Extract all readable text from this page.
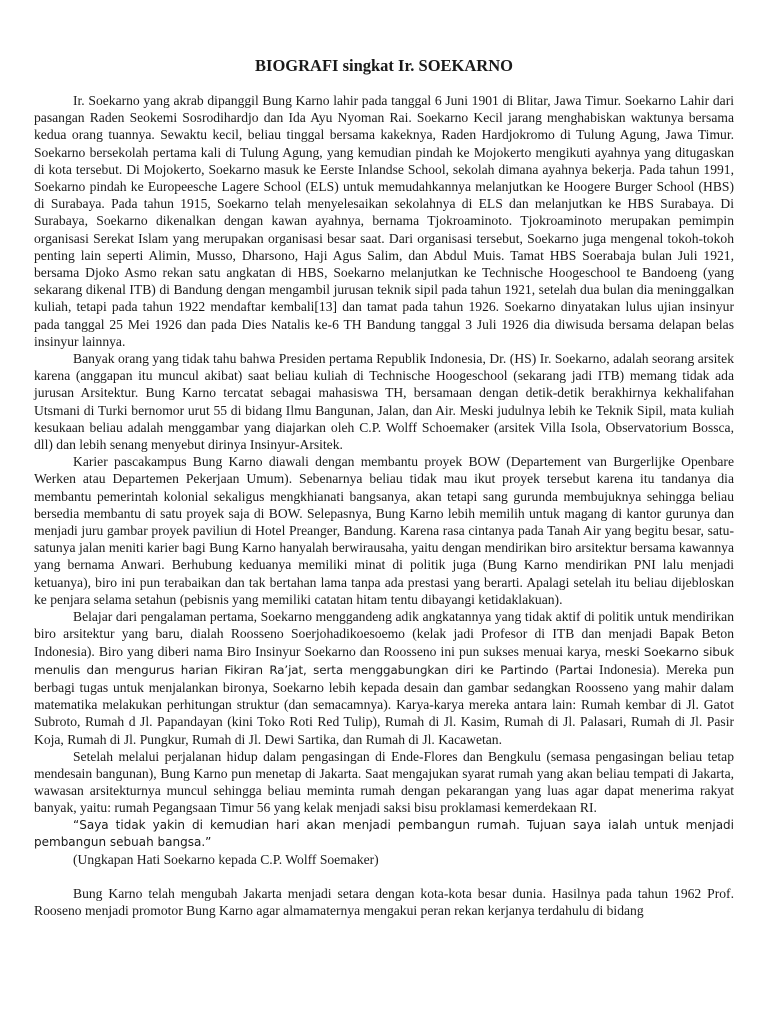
BIOGRAFI singkat Ir. SOEKARNO

Ir. Soekarno yang akrab dipanggil Bung Karno lahir pada tanggal 6 Juni 1901 di Blitar, Jawa Timur. Soekarno Lahir dari pasangan Raden Seokemi Sosrodihardjo dan Ida Ayu Nyoman Rai. Soekarno Kecil jarang menghabiskan waktunya bersama kedua orang tuannya. Sewaktu kecil, beliau tinggal bersama kakeknya, Raden Hardjokromo di Tulung Agung, Jawa Timur. Soekarno bersekolah pertama kali di Tulung Agung, yang kemudian pindah ke Mojokerto mengikuti ayahnya yang ditugaskan di kota tersebut. Di Mojokerto, Soekarno masuk ke Eerste Inlandse School, sekolah dimana ayahnya bekerja. Pada tahun 1991, Soekarno pindah ke Europeesche Lagere School (ELS) untuk memudahkannya melanjutkan ke Hoogere Burger School (HBS) di Surabaya. Pada tahun 1915, Soekarno telah menyelesaikan sekolahnya di ELS dan melanjutkan ke HBS Surabaya. Di Surabaya, Soekarno dikenalkan dengan kawan ayahnya, bernama Tjokroaminoto. Tjokroaminoto merupakan pemimpin organisasi Serekat Islam yang merupakan organisasi besar saat. Dari organisasi tersebut, Soekarno juga mengenal tokoh-tokoh penting lain seperti Alimin, Musso, Dharsono, Haji Agus Salim, dan Abdul Muis. Tamat HBS Soerabaja bulan Juli 1921, bersama Djoko Asmo rekan satu angkatan di HBS, Soekarno melanjutkan ke Technische Hoogeschool te Bandoeng (yang sekarang dikenal ITB) di Bandung dengan mengambil jurusan teknik sipil pada tahun 1921, setelah dua bulan dia meninggalkan kuliah, tetapi pada tahun 1922 mendaftar kembali[13] dan tamat pada tahun 1926. Soekarno dinyatakan lulus ujian insinyur pada tanggal 25 Mei 1926 dan pada Dies Natalis ke-6 TH Bandung tanggal 3 Juli 1926 dia diwisuda bersama delapan belas insinyur lainnya.

Banyak orang yang tidak tahu bahwa Presiden pertama Republik Indonesia, Dr. (HS) Ir. Soekarno, adalah seorang arsitek karena (anggapan itu muncul akibat) saat beliau kuliah di Technische Hoogeschool (sekarang jadi ITB) memang tidak ada jurusan Arsitektur. Bung Karno tercatat sebagai mahasiswa TH, bersamaan dengan detik-detik berakhirnya kekhalifahan Utsmani di Turki bernomor urut 55 di bidang Ilmu Bangunan, Jalan, dan Air. Meski judulnya lebih ke Teknik Sipil, mata kuliah kesukaan beliau adalah menggambar yang diajarkan oleh C.P. Wolff Schoemaker (arsitek Villa Isola, Observatorium Bossca, dll) dan lebih senang menyebut dirinya Insinyur-Arsitek.

Karier pascakampus Bung Karno diawali dengan membantu proyek BOW (Departement van Burgerlijke Openbare Werken atau Departemen Pekerjaan Umum). Sebenarnya beliau tidak mau ikut proyek tersebut karena itu tandanya dia membantu pemerintah kolonial sekaligus mengkhianati bangsanya, akan tetapi sang gurunda membujuknya sehingga beliau bersedia membantu di satu proyek saja di BOW. Selepasnya, Bung Karno lebih memilih untuk magang di kantor gurunya dan menjadi juru gambar proyek paviliun di Hotel Preanger, Bandung. Karena rasa cintanya pada Tanah Air yang begitu besar, satu-satunya jalan meniti karier bagi Bung Karno hanyalah berwirausaha, yaitu dengan mendirikan biro arsitektur bersama kawannya yang bernama Anwari. Berhubung keduanya memiliki minat di politik juga (Bung Karno mendirikan PNI lalu menjadi ketuanya), biro ini pun terabaikan dan tak bertahan lama tanpa ada prestasi yang berarti. Apalagi setelah itu beliau dijebloskan ke penjara selama setahun (pebisnis yang memiliki catatan hitam tentu dibayangi ketidaklakuan).

Belajar dari pengalaman pertama, Soekarno menggandeng adik angkatannya yang tidak aktif di politik untuk mendirikan biro arsitektur yang baru, dialah Roosseno Soerjohadikoesoemo (kelak jadi Profesor di ITB dan menjadi Bapak Beton Indonesia). Biro yang diberi nama Biro Insinyur Soekarno dan Roosseno ini pun sukses menuai karya, meski Soekarno sibuk menulis dan mengurus harian Fikiran Ra’jat, serta menggabungkan diri ke Partindo (Partai Indonesia). Mereka pun berbagi tugas untuk menjalankan bironya, Soekarno lebih kepada desain dan gambar sedangkan Roosseno yang mahir dalam matematika melakukan perhitungan struktur (dan semacamnya). Karya-karya mereka antara lain: Rumah kembar di Jl. Gatot Subroto, Rumah d Jl. Papandayan (kini Toko Roti Red Tulip), Rumah di Jl. Kasim, Rumah di Jl. Palasari, Rumah di Jl. Pasir Koja, Rumah di Jl. Pungkur, Rumah di Jl. Dewi Sartika, dan Rumah di Jl. Kacawetan.

Setelah melalui perjalanan hidup dalam pengasingan di Ende-Flores dan Bengkulu (semasa pengasingan beliau tetap mendesain bangunan), Bung Karno pun menetap di Jakarta. Saat mengajukan syarat rumah yang akan beliau tempati di Jakarta, wawasan arsitekturnya muncul sehingga beliau meminta rumah dengan pekarangan yang luas agar dapat menerima rakyat banyak, yaitu: rumah Pegangsaan Timur 56 yang kelak menjadi saksi bisu proklamasi kemerdekaan RI.

“Saya tidak yakin di kemudian hari akan menjadi pembangun rumah. Tujuan saya ialah untuk menjadi pembangun sebuah bangsa.”

(Ungkapan Hati Soekarno kepada C.P. Wolff Soemaker)

Bung Karno telah mengubah Jakarta menjadi setara dengan kota-kota besar dunia. Hasilnya pada tahun 1962 Prof. Rooseno menjadi promotor Bung Karno agar almamaternya mengakui peran rekan kerjanya terdahulu di bidang
